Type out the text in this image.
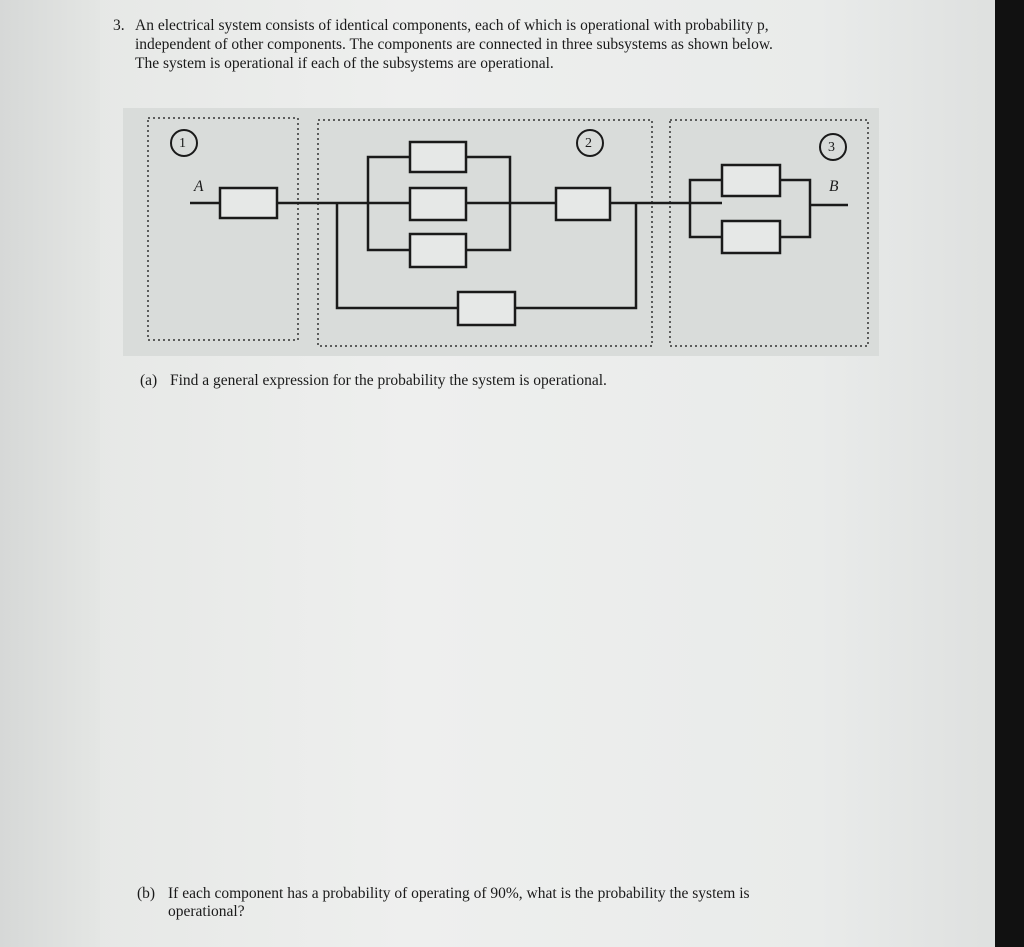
3. An electrical system consists of identical components, each of which is operational with probability p,
independent of other components. The components are connected in three subsystems as shown below.
The system is operational if each of the subsystems are operational.
1	2	3
A	B
(a) Find a general expression for the probability the system is operational.
(b) If each component has a probability of operating of 90%, what is the probability the system is
operational?
